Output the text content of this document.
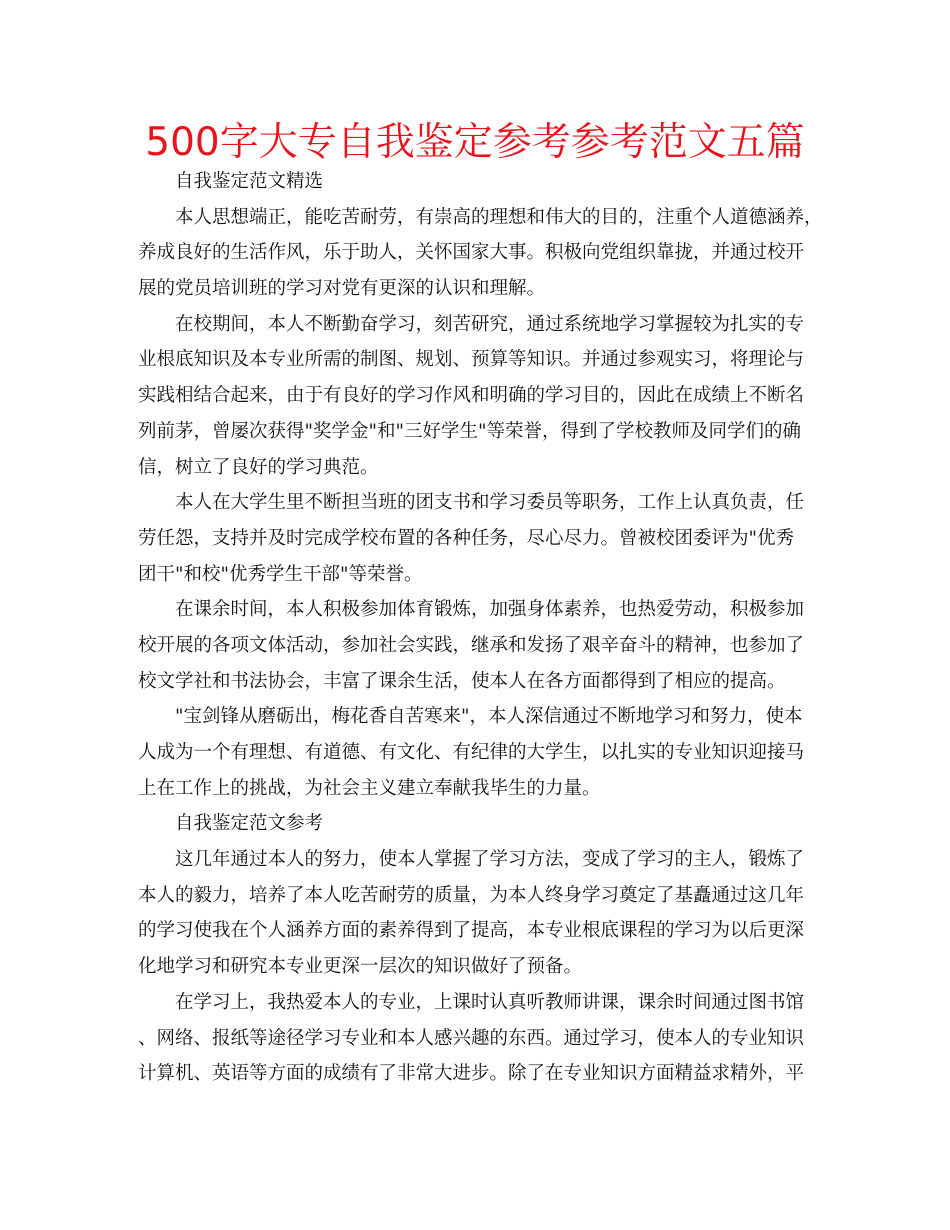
500字大专自我鉴定参考参考范文五篇
自我鉴定范文精选
本人思想端正，能吃苦耐劳，有崇高的理想和伟大的目的，注重个人道德涵养，
养成良好的生活作风，乐于助人，关怀国家大事。积极向党组织靠拢，并通过校开
展的党员培训班的学习对党有更深的认识和理解。
在校期间，本人不断勤奋学习，刻苦研究，通过系统地学习掌握较为扎实的专
业根底知识及本专业所需的制图、规划、预算等知识。并通过参观实习，将理论与
实践相结合起来，由于有良好的学习作风和明确的学习目的，因此在成绩上不断名
列前茅，曾屡次获得"奖学金"和"三好学生"等荣誉，得到了学校教师及同学们的确
信，树立了良好的学习典范。
本人在大学生里不断担当班的团支书和学习委员等职务，工作上认真负责，任
劳任怨，支持并及时完成学校布置的各种任务，尽心尽力。曾被校团委评为"优秀
团干"和校"优秀学生干部"等荣誉。
在课余时间，本人积极参加体育锻炼，加强身体素养，也热爱劳动，积极参加
校开展的各项文体活动，参加社会实践，继承和发扬了艰辛奋斗的精神，也参加了
校文学社和书法协会，丰富了课余生活，使本人在各方面都得到了相应的提高。
"宝剑锋从磨砺出，梅花香自苦寒来"，本人深信通过不断地学习和努力，使本
人成为一个有理想、有道德、有文化、有纪律的大学生，以扎实的专业知识迎接马
上在工作上的挑战，为社会主义建立奉献我毕生的力量。
自我鉴定范文参考
这几年通过本人的努力，使本人掌握了学习方法，变成了学习的主人，锻炼了
本人的毅力，培养了本人吃苦耐劳的质量，为本人终身学习奠定了基矗通过这几年
的学习使我在个人涵养方面的素养得到了提高，本专业根底课程的学习为以后更深
化地学习和研究本专业更深一层次的知识做好了预备。
在学习上，我热爱本人的专业，上课时认真听教师讲课，课余时间通过图书馆
、网络、报纸等途径学习专业和本人感兴趣的东西。通过学习，使本人的专业知识
计算机、英语等方面的成绩有了非常大进步。除了在专业知识方面精益求精外，平
